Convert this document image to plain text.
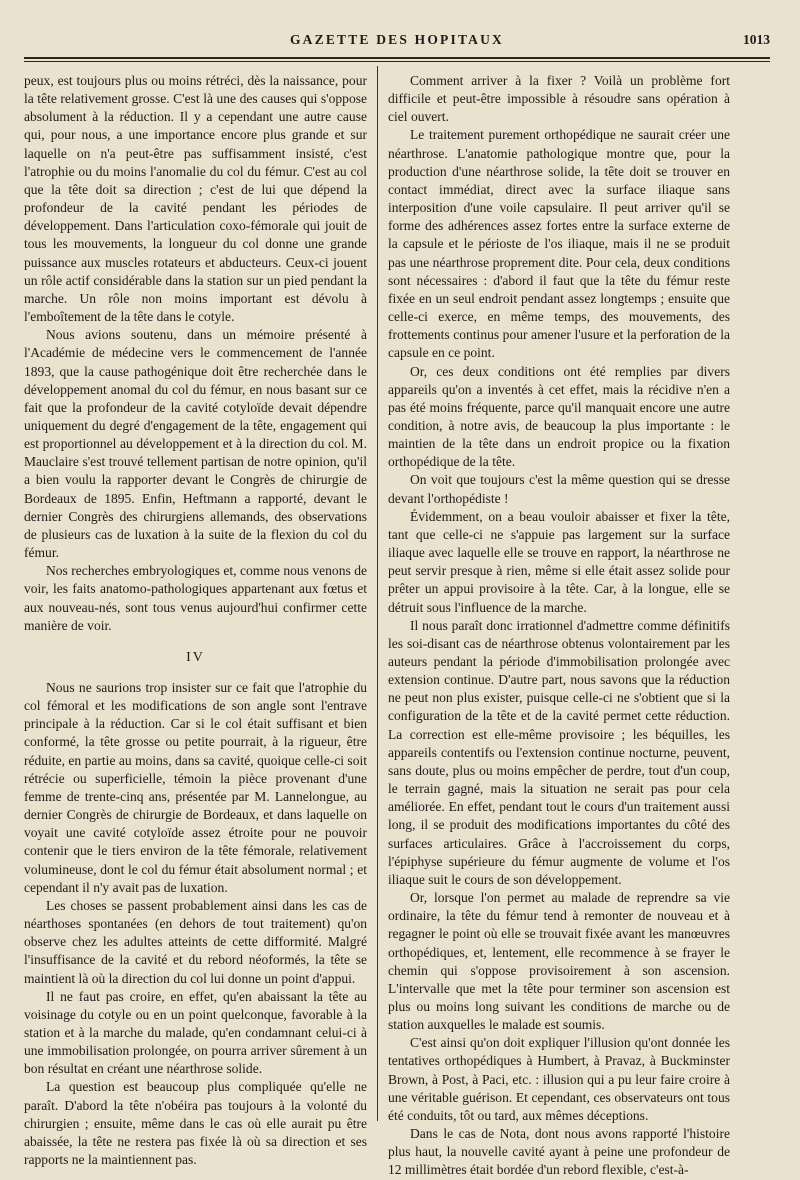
GAZETTE DES HOPITAUX	1013

peux, est toujours plus ou moins rétréci, dès la naissance, pour la tête relativement grosse. C'est là une des causes qui s'oppose absolument à la réduction. Il y a cependant une autre cause qui, pour nous, a une importance encore plus grande et sur laquelle on n'a peut-être pas suffisamment insisté, c'est l'atrophie ou du moins l'anomalie du col du fémur. C'est au col que la tête doit sa direction ; c'est de lui que dépend la profondeur de la cavité pendant les périodes de développement. Dans l'articulation coxo-fémorale qui jouit de tous les mouvements, la longueur du col donne une grande puissance aux muscles rotateurs et abducteurs. Ceux-ci jouent un rôle actif considérable dans la station sur un pied pendant la marche. Un rôle non moins important est dévolu à l'emboîtement de la tête dans le cotyle.

Nous avions soutenu, dans un mémoire présenté à l'Académie de médecine vers le commencement de l'année 1893, que la cause pathogénique doit être recherchée dans le développement anomal du col du fémur, en nous basant sur ce fait que la profondeur de la cavité cotyloïde devait dépendre uniquement du degré d'engagement de la tête, engagement qui est proportionnel au développement et à la direction du col. M. Mauclaire s'est trouvé tellement partisan de notre opinion, qu'il a bien voulu la rapporter devant le Congrès de chirurgie de Bordeaux de 1895. Enfin, Heftmann a rapporté, devant le dernier Congrès des chirurgiens allemands, des observations de plusieurs cas de luxation à la suite de la flexion du col du fémur.

Nos recherches embryologiques et, comme nous venons de voir, les faits anatomo-pathologiques appartenant aux fœtus et aux nouveau-nés, sont tous venus aujourd'hui confirmer cette manière de voir.

IV

Nous ne saurions trop insister sur ce fait que l'atrophie du col fémoral et les modifications de son angle sont l'entrave principale à la réduction. Car si le col était suffisant et bien conformé, la tête grosse ou petite pourrait, à la rigueur, être réduite, en partie au moins, dans sa cavité, quoique celle-ci soit rétrécie ou superficielle, témoin la pièce provenant d'une femme de trente-cinq ans, présentée par M. Lannelongue, au dernier Congrès de chirurgie de Bordeaux, et dans laquelle on voyait une cavité cotyloïde assez étroite pour ne pouvoir contenir que le tiers environ de la tête fémorale, relativement volumineuse, dont le col du fémur était absolument normal ; et cependant il n'y avait pas de luxation.

Les choses se passent probablement ainsi dans les cas de néarthoses spontanées (en dehors de tout traitement) qu'on observe chez les adultes atteints de cette difformité. Malgré l'insuffisance de la cavité et du rebord néoformés, la tête se maintient là où la direction du col lui donne un point d'appui.

Il ne faut pas croire, en effet, qu'en abaissant la tête au voisinage du cotyle ou en un point quelconque, favorable à la station et à la marche du malade, qu'en condamnant celui-ci à une immobilisation prolongée, on pourra arriver sûrement à un bon résultat en créant une néarthrose solide.

La question est beaucoup plus compliquée qu'elle ne paraît. D'abord la tête n'obéira pas toujours à la volonté du chirurgien ; ensuite, même dans le cas où elle aurait pu être abaissée, la tête ne restera pas fixée là où sa direction et ses rapports ne la maintiennent pas.

Comment arriver à la fixer ? Voilà un problème fort difficile et peut-être impossible à résoudre sans opération à ciel ouvert.

Le traitement purement orthopédique ne saurait créer une néarthrose. L'anatomie pathologique montre que, pour la production d'une néarthrose solide, la tête doit se trouver en contact immédiat, direct avec la surface iliaque sans interposition d'une voile capsulaire. Il peut arriver qu'il se forme des adhérences assez fortes entre la surface externe de la capsule et le périoste de l'os iliaque, mais il ne se produit pas une néarthrose proprement dite. Pour cela, deux conditions sont nécessaires : d'abord il faut que la tête du fémur reste fixée en un seul endroit pendant assez longtemps ; ensuite que celle-ci exerce, en même temps, des mouvements, des frottements continus pour amener l'usure et la perforation de la capsule en ce point.

Or, ces deux conditions ont été remplies par divers appareils qu'on a inventés à cet effet, mais la récidive n'en a pas été moins fréquente, parce qu'il manquait encore une autre condition, à notre avis, de beaucoup la plus importante : le maintien de la tête dans un endroit propice ou la fixation orthopédique de la tête.

On voit que toujours c'est la même question qui se dresse devant l'orthopédiste !

Évidemment, on a beau vouloir abaisser et fixer la tête, tant que celle-ci ne s'appuie pas largement sur la surface iliaque avec laquelle elle se trouve en rapport, la néarthrose ne peut servir presque à rien, même si elle était assez solide pour prêter un appui provisoire à la tête. Car, à la longue, elle se détruit sous l'influence de la marche.

Il nous paraît donc irrationnel d'admettre comme définitifs les soi-disant cas de néarthrose obtenus volontairement par les auteurs pendant la période d'immobilisation prolongée avec extension continue. D'autre part, nous savons que la réduction ne peut non plus exister, puisque celle-ci ne s'obtient que si la configuration de la tête et de la cavité permet cette réduction. La correction est elle-même provisoire ; les béquilles, les appareils contentifs ou l'extension continue nocturne, peuvent, sans doute, plus ou moins empêcher de perdre, tout d'un coup, le terrain gagné, mais la situation ne serait pas pour cela améliorée. En effet, pendant tout le cours d'un traitement aussi long, il se produit des modifications importantes du côté des surfaces articulaires. Grâce à l'accroissement du corps, l'épiphyse supérieure du fémur augmente de volume et l'os iliaque suit le cours de son développement.

Or, lorsque l'on permet au malade de reprendre sa vie ordinaire, la tête du fémur tend à remonter de nouveau et à regagner le point où elle se trouvait fixée avant les manœuvres orthopédiques, et, lentement, elle recommence à se frayer le chemin qui s'oppose provisoirement à son ascension. L'intervalle que met la tête pour terminer son ascension est plus ou moins long suivant les conditions de marche ou de station auxquelles le malade est soumis.

C'est ainsi qu'on doit expliquer l'illusion qu'ont donnée les tentatives orthopédiques à Humbert, à Pravaz, à Buckminster Brown, à Post, à Paci, etc. : illusion qui a pu leur faire croire à une véritable guérison. Et cependant, ces observateurs ont tous été conduits, tôt ou tard, aux mêmes déceptions.

Dans le cas de Nota, dont nous avons rapporté l'histoire plus haut, la nouvelle cavité ayant à peine une profondeur de 12 millimètres était bordée d'un rebord flexible, c'est-à-
